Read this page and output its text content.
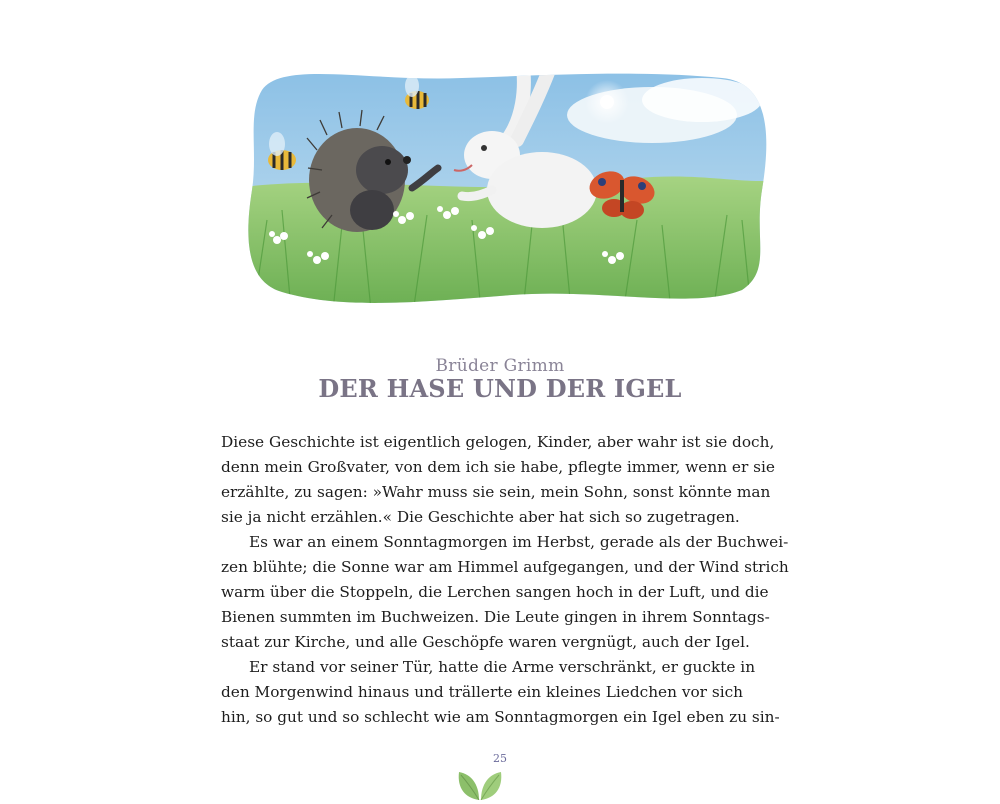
Brüder Grimm
DER HASE UND DER IGEL
Diese Geschichte ist eigentlich gelogen, Kinder, aber wahr ist sie doch,
denn mein Großvater, von dem ich sie habe, pflegte immer, wenn er sie
erzählte, zu sagen: »Wahr muss sie sein, mein Sohn, sonst könnte man
sie ja nicht erzählen.« Die Geschichte aber hat sich so zugetragen.
Es war an einem Sonntagmorgen im Herbst, gerade als der Buchwei-
zen blühte; die Sonne war am Himmel aufgegangen, und der Wind strich
warm über die Stoppeln, die Lerchen sangen hoch in der Luft, und die
Bienen summten im Buchweizen. Die Leute gingen in ihrem Sonntags-
staat zur Kirche, und alle Geschöpfe waren vergnügt, auch der Igel.
Er stand vor seiner Tür, hatte die Arme verschränkt, er guckte in
den Morgenwind hinaus und trällerte ein kleines Liedchen vor sich
hin, so gut und so schlecht wie am Sonntagmorgen ein Igel eben zu sin-
25
